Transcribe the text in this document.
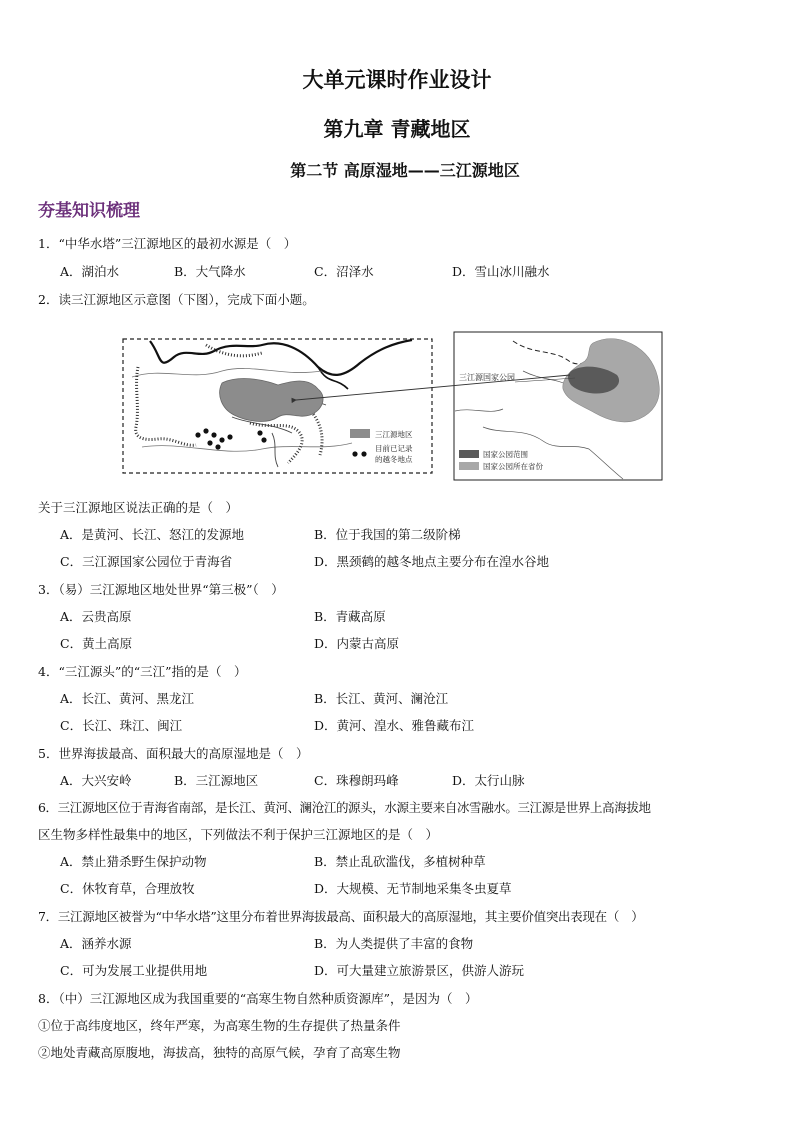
大单元课时作业设计
第九章 青藏地区
第二节 高原湿地——三江源地区
夯基知识梳理
1．“中华水塔”三江源地区的最初水源是（　）
A．湖泊水	B．大气降水	C．沼泽水	D．雪山冰川融水
2．读三江源地区示意图（下图），完成下面小题。
三江源地区
目前已记录
的越冬地点
三江源国家公园
国家公园范围
国家公园所在省份
关于三江源地区说法正确的是（　）
A．是黄河、长江、怒江的发源地	B．位于我国的第二级阶梯
C．三江源国家公园位于青海省	D．黑颈鹤的越冬地点主要分布在湟水谷地
3．（易）三江源地区地处世界“第三极”（　）
A．云贵高原	B．青藏高原
C．黄土高原	D．内蒙古高原
4．“三江源头”的“三江”指的是（　）
A．长江、黄河、黑龙江	B．长江、黄河、澜沧江
C．长江、珠江、闽江	D．黄河、湟水、雅鲁藏布江
5．世界海拔最高、面积最大的高原湿地是（　）
A．大兴安岭	B．三江源地区	C．珠穆朗玛峰	D．太行山脉
6．三江源地区位于青海省南部，是长江、黄河、澜沧江的源头，水源主要来自冰雪融水。三江源是世界上高海拔地
区生物多样性最集中的地区，下列做法不利于保护三江源地区的是（　）
A．禁止猎杀野生保护动物	B．禁止乱砍滥伐，多植树种草
C．休牧育草，合理放牧	D．大规模、无节制地采集冬虫夏草
7．三江源地区被誉为“中华水塔”这里分布着世界海拔最高、面积最大的高原湿地，其主要价值突出表现在（　）
A．涵养水源	B．为人类提供了丰富的食物
C．可为发展工业提供用地	D．可大量建立旅游景区，供游人游玩
8．（中）三江源地区成为我国重要的“高寒生物自然种质资源库”，是因为（　）
①位于高纬度地区，终年严寒，为高寒生物的生存提供了热量条件
②地处青藏高原腹地，海拔高，独特的高原气候，孕育了高寒生物
